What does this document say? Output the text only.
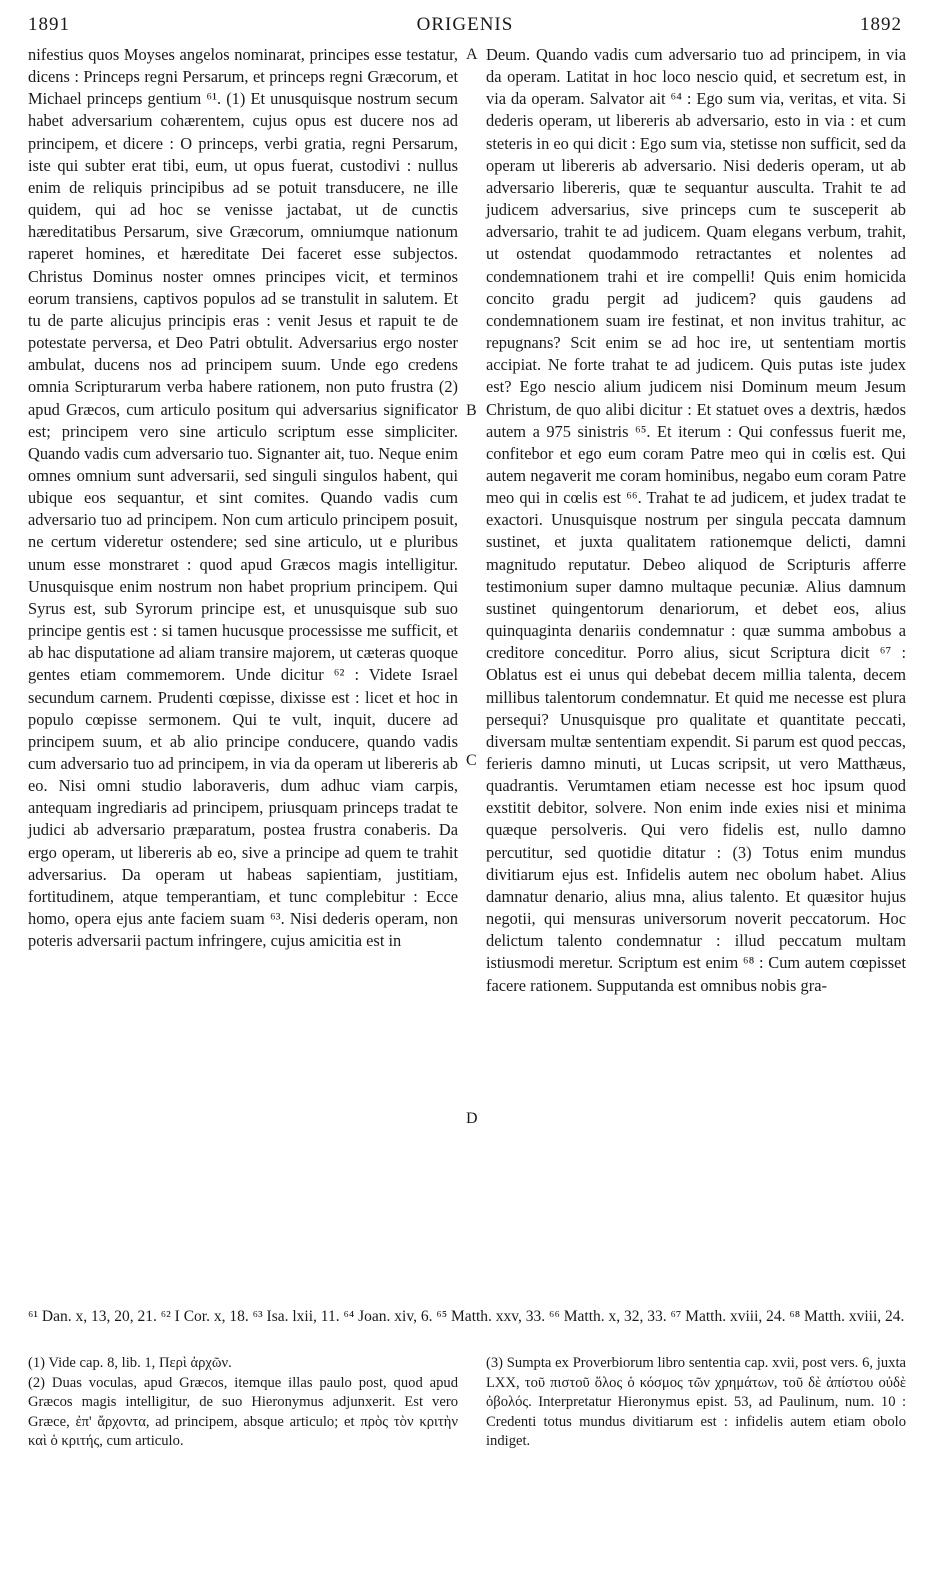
1891	ORIGENIS	1892

nifestius quos Moyses angelos nominarat, principes esse testatur, dicens : Princeps regni Persarum, et princeps regni Græcorum, et Michael princeps gentium ⁶¹. (1) Et unusquisque nostrum secum habet adversarium cohærentem, cujus opus est ducere nos ad principem, et dicere : O princeps, verbi gratia, regni Persarum, iste qui subter erat tibi, eum, ut opus fuerat, custodivi : nullus enim de reliquis principibus ad se potuit transducere, ne ille quidem, qui ad hoc se venisse jactabat, ut de cunctis hæreditatibus Persarum, sive Græcorum, omniumque nationum raperet homines, et hæreditate Dei faceret esse subjectos. Christus Dominus noster omnes principes vicit, et terminos eorum transiens, captivos populos ad se transtulit in salutem. Et tu de parte alicujus principis eras : venit Jesus et rapuit te de potestate perversa, et Deo Patri obtulit. Adversarius ergo noster ambulat, ducens nos ad principem suum. Unde ego credens omnia Scripturarum verba habere rationem, non puto frustra (2) apud Græcos, cum articulo positum qui adversarius significator est; principem vero sine articulo scriptum esse simpliciter. Quando vadis cum adversario tuo. Signanter ait, tuo. Neque enim omnes omnium sunt adversarii, sed singuli singulos habent, qui ubique eos sequantur, et sint comites. Quando vadis cum adversario tuo ad principem. Non cum articulo principem posuit, ne certum videretur ostendere; sed sine articulo, ut e pluribus unum esse monstraret : quod apud Græcos magis intelligitur. Unusquisque enim nostrum non habet proprium principem. Qui Syrus est, sub Syrorum principe est, et unusquisque sub suo principe gentis est : si tamen hucusque processisse me sufficit, et ab hac disputatione ad aliam transire majorem, ut cæteras quoque gentes etiam commemorem. Unde dicitur ⁶² : Videte Israel secundum carnem. Prudenti cœpisse, dixisse est : licet et hoc in populo cœpisse sermonem. Qui te vult, inquit, ducere ad principem suum, et ab alio principe conducere, quando vadis cum adversario tuo ad principem, in via da operam ut libereris ab eo. Nisi omni studio laboraveris, dum adhuc viam carpis, antequam ingrediaris ad principem, priusquam princeps tradat te judici ab adversario præparatum, postea frustra conaberis. Da ergo operam, ut libereris ab eo, sive a principe ad quem te trahit adversarius. Da operam ut habeas sapientiam, justitiam, fortitudinem, atque temperantiam, et tunc complebitur : Ecce homo, opera ejus ante faciem suam ⁶³. Nisi dederis operam, non poteris adversarii pactum infringere, cujus amicitia est in

A
B
C
D

Deum. Quando vadis cum adversario tuo ad principem, in via da operam. Latitat in hoc loco nescio quid, et secretum est, in via da operam. Salvator ait ⁶⁴ : Ego sum via, veritas, et vita. Si dederis operam, ut libereris ab adversario, esto in via : et cum steteris in eo qui dicit : Ego sum via, stetisse non sufficit, sed da operam ut libereris ab adversario. Nisi dederis operam, ut ab adversario libereris, quæ te sequantur ausculta. Trahit te ad judicem adversarius, sive princeps cum te susceperit ab adversario, trahit te ad judicem. Quam elegans verbum, trahit, ut ostendat quodammodo retractantes et nolentes ad condemnationem trahi et ire compelli! Quis enim homicida concito gradu pergit ad judicem? quis gaudens ad condemnationem suam ire festinat, et non invitus trahitur, ac repugnans? Scit enim se ad hoc ire, ut sententiam mortis accipiat. Ne forte trahat te ad judicem. Quis putas iste judex est? Ego nescio alium judicem nisi Dominum meum Jesum Christum, de quo alibi dicitur : Et statuet oves a dextris, hædos autem a 975 sinistris ⁶⁵. Et iterum : Qui confessus fuerit me, confitebor et ego eum coram Patre meo qui in cœlis est. Qui autem negaverit me coram hominibus, negabo eum coram Patre meo qui in cœlis est ⁶⁶. Trahat te ad judicem, et judex tradat te exactori. Unusquisque nostrum per singula peccata damnum sustinet, et juxta qualitatem rationemque delicti, damni magnitudo reputatur. Debeo aliquod de Scripturis afferre testimonium super damno multaque pecuniæ. Alius damnum sustinet quingentorum denariorum, et debet eos, alius quinquaginta denariis condemnatur : quæ summa ambobus a creditore conceditur. Porro alius, sicut Scriptura dicit ⁶⁷ : Oblatus est ei unus qui debebat decem millia talenta, decem millibus talentorum condemnatur. Et quid me necesse est plura persequi? Unusquisque pro qualitate et quantitate peccati, diversam multæ sententiam expendit. Si parum est quod peccas, ferieris damno minuti, ut Lucas scripsit, ut vero Matthæus, quadrantis. Verumtamen etiam necesse est hoc ipsum quod exstitit debitor, solvere. Non enim inde exies nisi et minima quæque persolveris. Qui vero fidelis est, nullo damno percutitur, sed quotidie ditatur : (3) Totus enim mundus divitiarum ejus est. Infidelis autem nec obolum habet. Alius damnatur denario, alius mna, alius talento. Et quæsitor hujus negotii, qui mensuras universorum noverit peccatorum. Hoc delictum talento condemnatur : illud peccatum multam istiusmodi meretur. Scriptum est enim ⁶⁸ : Cum autem cœpisset facere rationem. Supputanda est omnibus nobis gra-

⁶¹ Dan. x, 13, 20, 21. ⁶² I Cor. x, 18. ⁶³ Isa. lxii, 11. ⁶⁴ Joan. xiv, 6. ⁶⁵ Matth. xxv, 33. ⁶⁶ Matth. x, 32, 33. ⁶⁷ Matth. xviii, 24. ⁶⁸ Matth. xviii, 24.

(1) Vide cap. 8, lib. 1, Περὶ ἀρχῶν.

(2) Duas voculas, apud Græcos, itemque illas paulo post, quod apud Græcos magis intelligitur, de suo Hieronymus adjunxerit. Est vero Græce, ἐπ' ἄρχοντα, ad principem, absque articulo; et πρὸς τὸν κριτὴν καὶ ὁ κριτής, cum articulo.

(3) Sumpta ex Proverbiorum libro sententia cap. xvii, post vers. 6, juxta LXX, τοῦ πιστοῦ ὅλος ὁ κόσμος τῶν χρημάτων, τοῦ δὲ ἀπίστου οὐδὲ ὀβολός. Interpretatur Hieronymus epist. 53, ad Paulinum, num. 10 : Credenti totus mundus divitiarum est : infidelis autem etiam obolo indiget.
